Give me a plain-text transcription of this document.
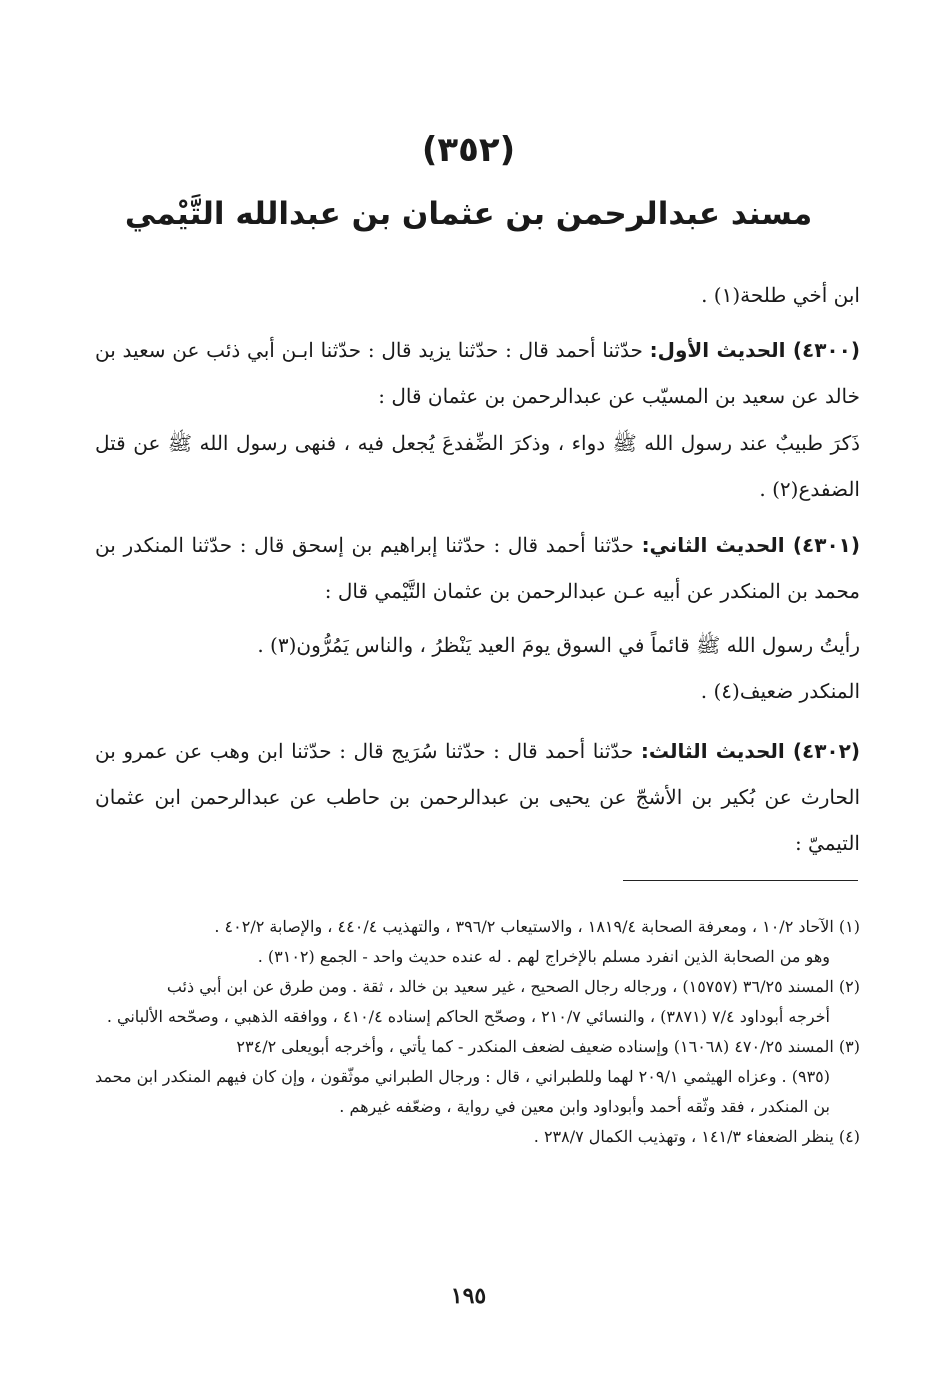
(٣٥٢)
مسند عبدالرحمن بن عثمان بن عبدالله التَّيْمي

ابن أخي طلحة(١) .

(٤٣٠٠) الحديث الأول: حدّثنا أحمد قال : حدّثنا يزيد قال : حدّثنا ابـن أبي ذئب عن سعيد بن خالد عن سعيد بن المسيّب عن عبدالرحمن بن عثمان قال :

ذَكرَ طبيبٌ عند رسول الله ﷺ دواء ، وذكرَ الضِّفدعَ يُجعل فيه ، فنهى رسول الله ﷺ عن قتل الضفدع(٢) .

(٤٣٠١) الحديث الثاني: حدّثنا أحمد قال : حدّثنا إبراهيم بن إسحق قال : حدّثنا المنكدر بن محمد بن المنكدر عن أبيه عـن عبدالرحمن بن عثمان التَّيْمي قال :

رأيتُ رسول الله ﷺ قائماً في السوق يومَ العيد يَنْظرُ ، والناس يَمُرُّون(٣) .

المنكدر ضعيف(٤) .

(٤٣٠٢) الحديث الثالث: حدّثنا أحمد قال : حدّثنا سُرَيج قال : حدّثنا ابن وهب عن عمرو بن الحارث عن بُكير بن الأشجّ عن يحيى بن عبدالرحمن بن حاطب عن عبدالرحمن ابن عثمان التيميّ :

(١) الآحاد ١٠/٢ ، ومعرفة الصحابة ١٨١٩/٤ ، والاستيعاب ٣٩٦/٢ ، والتهذيب ٤٤٠/٤ ، والإصابة ٤٠٢/٢ .

وهو من الصحابة الذين انفرد مسلم بالإخراج لهم . له عنده حديث واحد - الجمع (٣١٠٢) .

(٢) المسند ٣٦/٢٥ (١٥٧٥٧) ، ورجاله رجال الصحيح ، غير سعيد بن خالد ، ثقة . ومن طرق عن ابن أبي ذئب

أخرجه أبوداود ٧/٤ (٣٨٧١) ، والنسائي ٢١٠/٧ ، وصحّح الحاكم إسناده ٤١٠/٤ ، ووافقه الذهبي ، وصحّحه الألباني .

(٣) المسند ٤٧٠/٢٥ (١٦٠٦٨) وإسناده ضعيف لضعف المنكدر - كما يأتي ، وأخرجه أبويعلى ٢٣٤/٢

(٩٣٥) . وعزاه الهيثمي ٢٠٩/١ لهما وللطبراني ، قال : ورجال الطبراني موثّقون ، وإن كان فيهم المنكدر ابن محمد بن المنكدر ، فقد وثّقه أحمد وأبوداود وابن معين في رواية ، وضعّفه غيرهم .

(٤) ينظر الضعفاء ١٤١/٣ ، وتهذيب الكمال ٢٣٨/٧ .

١٩٥
